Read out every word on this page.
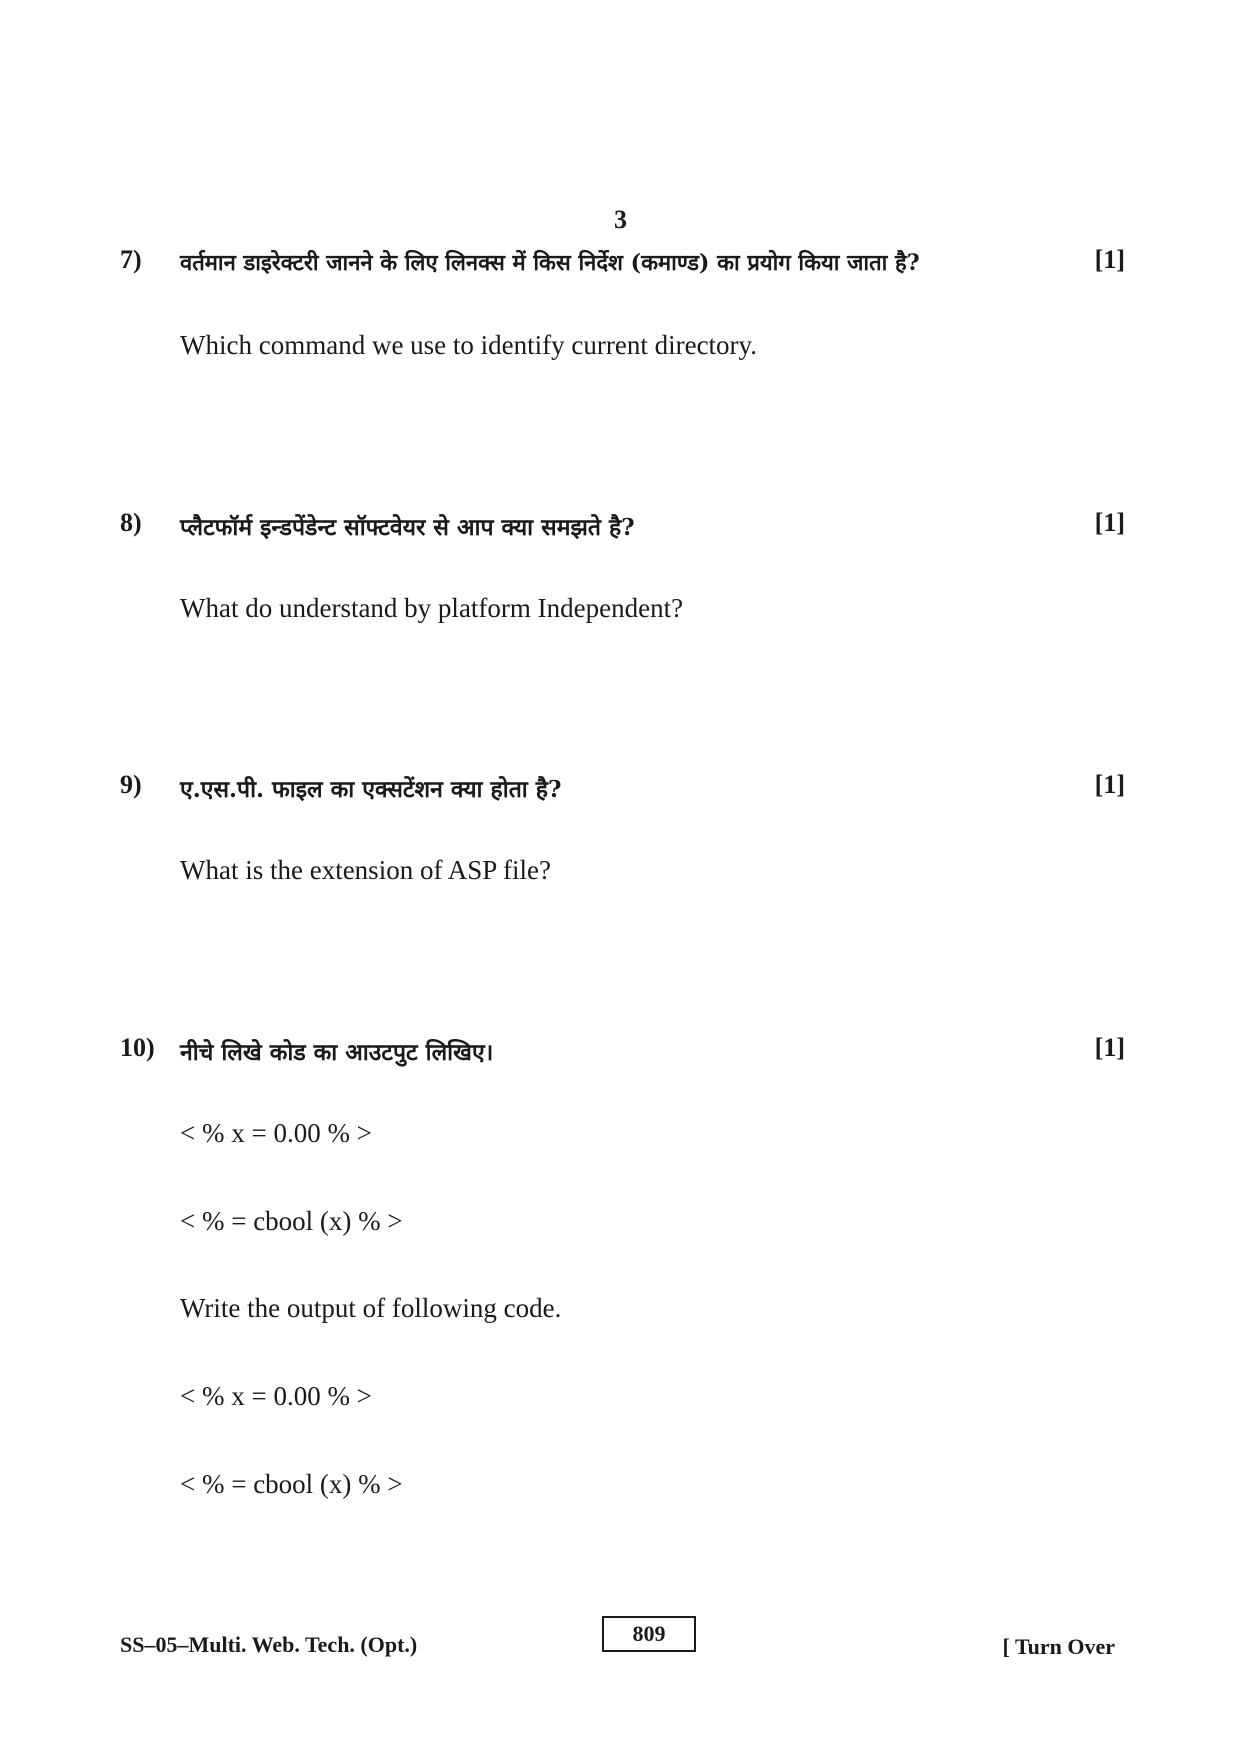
3
7) वर्तमान डाइरेक्टरी जानने के लिए लिनक्स में किस निर्देश (कमाण्ड) का प्रयोग किया जाता है?	[1]
Which command we use to identify current directory.
8) प्लैटफॉर्म इन्डपेंडेन्ट सॉफ्टवेयर से आप क्या समझते है?	[1]
What do understand by platform Independent?
9) ए.एस.पी. फाइल का एक्सटेंशन क्या होता है?	[1]
What is the extension of ASP file?
10) नीचे लिखे कोड का आउटपुट लिखिए।	[1]
< % x = 0.00 % >
< % = cbool (x) % >
Write the output of following code.
< % x = 0.00 % >
< % = cbool (x) % >
SS–05–Multi. Web. Tech. (Opt.)	809
[ Turn Over
